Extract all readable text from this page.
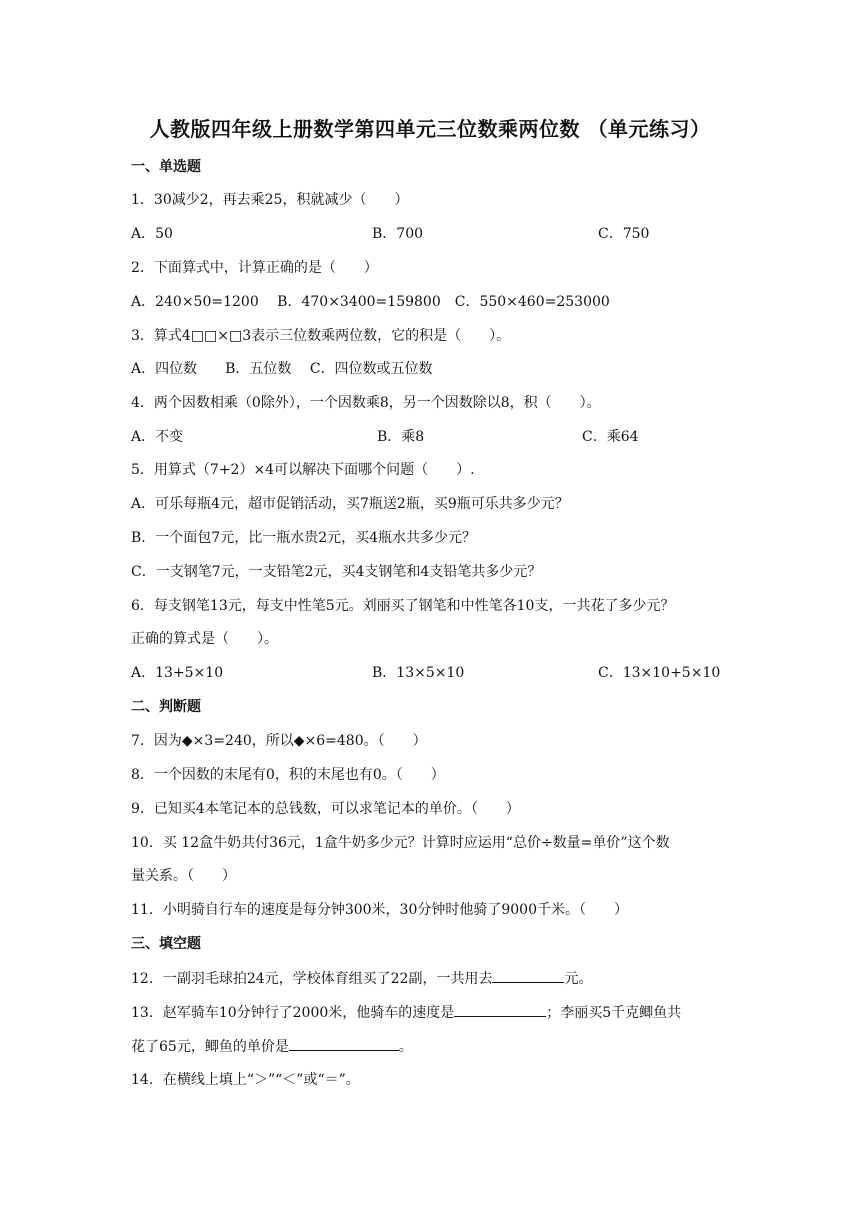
人教版四年级上册数学第四单元三位数乘两位数 （单元练习）
一、单选题
1．30减少2，再去乘25，积就减少（　　）
A．50	B．700	C．750
2．下面算式中，计算正确的是（　　）
A．240×50=1200　 B．470×3400=159800　C．550×460=253000
3．算式4□□×□3表示三位数乘两位数，它的积是（　　）。
A．四位数　　B．五位数　 C．四位数或五位数
4．两个因数相乘（0除外），一个因数乘8，另一个因数除以8，积（　　）。
A．不变	B．乘8	C．乘64
5．用算式（7+2）×4可以解决下面哪个问题（　　）.
A．可乐每瓶4元，超市促销活动，买7瓶送2瓶，买9瓶可乐共多少元？
B．一个面包7元，比一瓶水贵2元，买4瓶水共多少元？
C．一支钢笔7元，一支铅笔2元，买4支钢笔和4支铅笔共多少元？
6．每支钢笔13元，每支中性笔5元。刘丽买了钢笔和中性笔各10支，一共花了多少元？
正确的算式是（　　）。
A．13+5×10	B．13×5×10	C．13×10+5×10
二、判断题
7．因为◆×3=240，所以◆×6=480。（　　）
8．一个因数的末尾有0，积的末尾也有0。（　　）
9．已知买4本笔记本的总钱数，可以求笔记本的单价。（　　）
10．买 12盒牛奶共付36元，1盒牛奶多少元？计算时应运用“总价÷数量=单价”这个数
量关系。（　　）
11．小明骑自行车的速度是每分钟300米，30分钟时他骑了9000千米。（　　）
三、填空题
12．一副羽毛球拍24元，学校体育组买了22副，一共用去	元。
13．赵军骑车10分钟行了2000米，他骑车的速度是	；李丽买5千克鲫鱼共
花了65元，鲫鱼的单价是	。
14．在横线上填上“＞”“＜”或“＝”。
